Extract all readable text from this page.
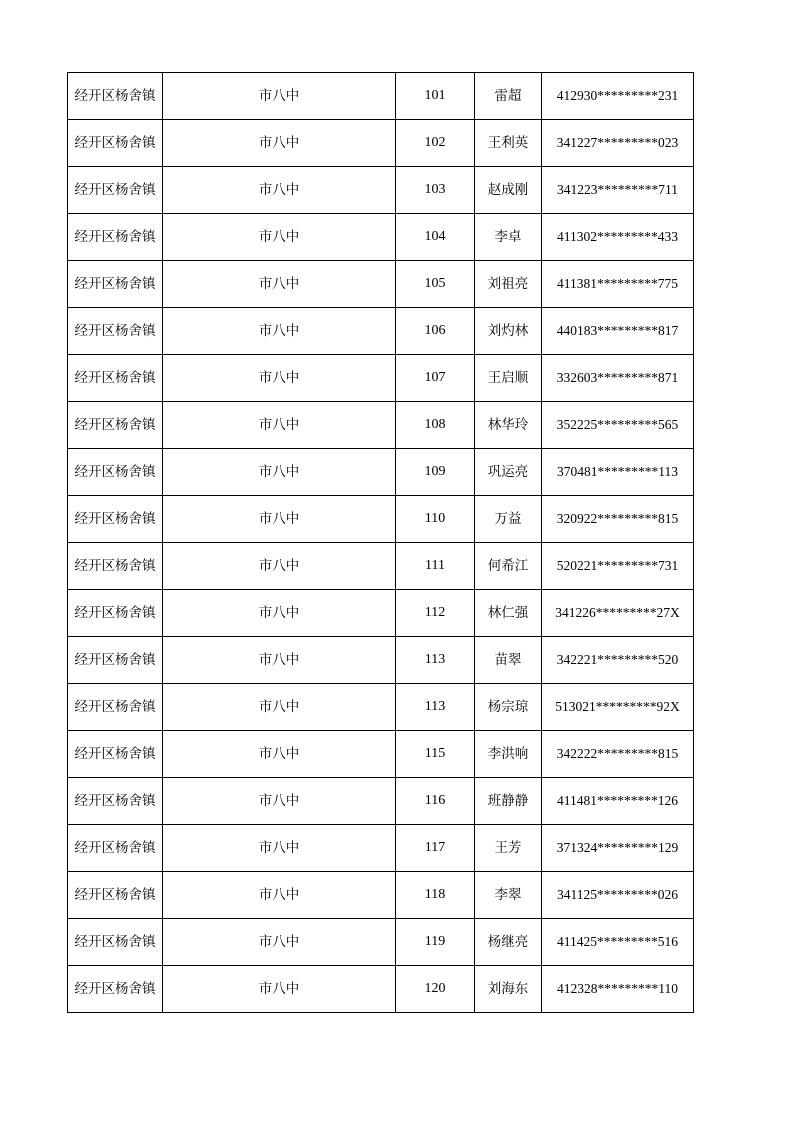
经开区杨舍镇	市八中	101	雷超	412930*********231
经开区杨舍镇	市八中	102	王利英	341227*********023
经开区杨舍镇	市八中	103	赵成刚	341223*********711
经开区杨舍镇	市八中	104	李卓	411302*********433
经开区杨舍镇	市八中	105	刘祖亮	411381*********775
经开区杨舍镇	市八中	106	刘灼林	440183*********817
经开区杨舍镇	市八中	107	王启顺	332603*********871
经开区杨舍镇	市八中	108	林华玲	352225*********565
经开区杨舍镇	市八中	109	巩运亮	370481*********113
经开区杨舍镇	市八中	110	万益	320922*********815
经开区杨舍镇	市八中	111	何希江	520221*********731
经开区杨舍镇	市八中	112	林仁强	341226*********27X
经开区杨舍镇	市八中	113	苗翠	342221*********520
经开区杨舍镇	市八中	113	杨宗琼	513021*********92X
经开区杨舍镇	市八中	115	李洪响	342222*********815
经开区杨舍镇	市八中	116	班静静	411481*********126
经开区杨舍镇	市八中	117	王芳	371324*********129
经开区杨舍镇	市八中	118	李翠	341125*********026
经开区杨舍镇	市八中	119	杨继亮	411425*********516
经开区杨舍镇	市八中	120	刘海东	412328*********110
